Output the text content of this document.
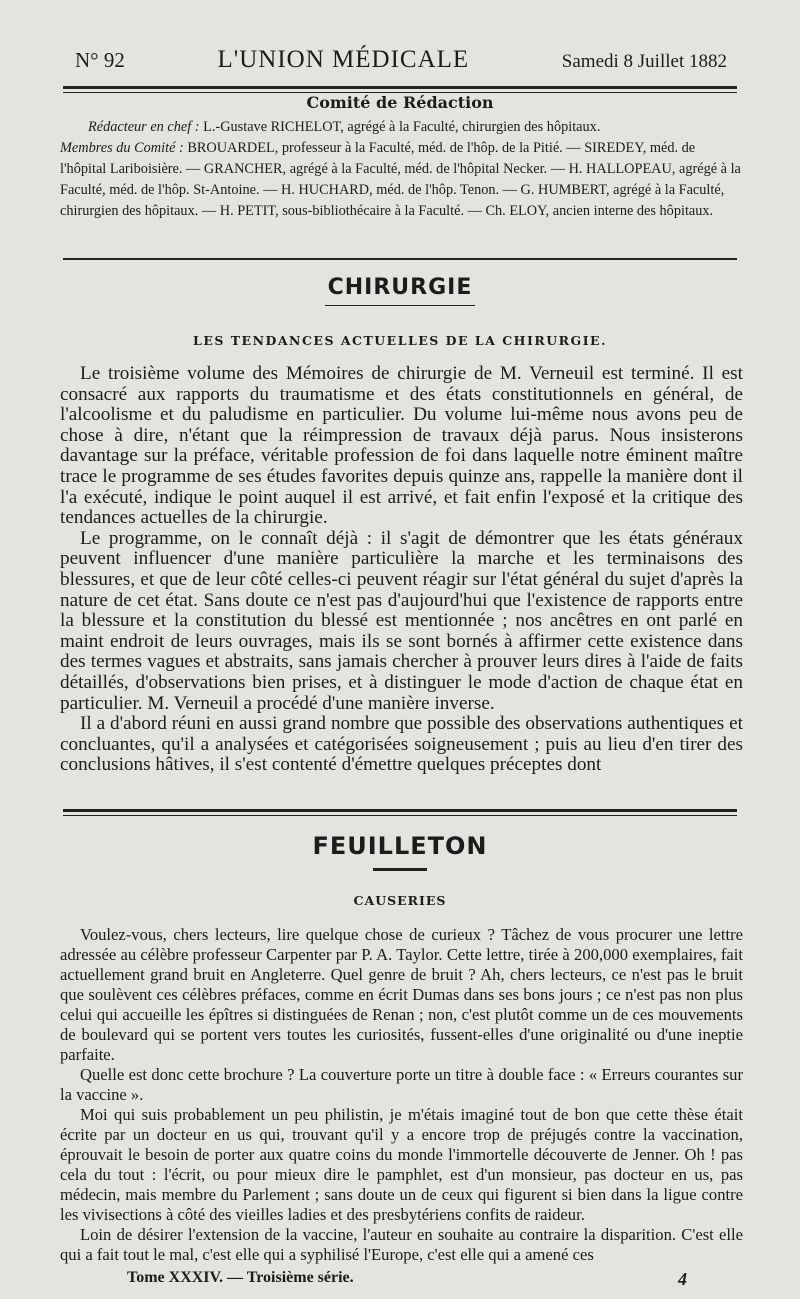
N° 92	L'UNION MÉDICALE	Samedi 8 Juillet 1882
Comité de Rédaction
Rédacteur en chef : L.-Gustave RICHELOT, agrégé à la Faculté, chirurgien des hôpitaux.
Membres du Comité : BROUARDEL, professeur à la Faculté, méd. de l'hôp. de la Pitié. — SIREDEY, méd. de l'hôpital Lariboisière. — GRANCHER, agrégé à la Faculté, méd. de l'hôpital Necker. — H. HALLOPEAU, agrégé à la Faculté, méd. de l'hôp. St-Antoine. — H. HUCHARD, méd. de l'hôp. Tenon. — G. HUMBERT, agrégé à la Faculté, chirurgien des hôpitaux. — H. PETIT, sous-bibliothécaire à la Faculté. — Ch. ELOY, ancien interne des hôpitaux.
CHIRURGIE
LES TENDANCES ACTUELLES DE LA CHIRURGIE.

Le troisième volume des Mémoires de chirurgie de M. Verneuil est terminé. Il est consacré aux rapports du traumatisme et des états constitutionnels en général, de l'alcoolisme et du paludisme en particulier. Du volume lui-même nous avons peu de chose à dire, n'étant que la réimpression de travaux déjà parus. Nous insisterons davantage sur la préface, véritable profession de foi dans laquelle notre éminent maître trace le programme de ses études favorites depuis quinze ans, rappelle la manière dont il l'a exécuté, indique le point auquel il est arrivé, et fait enfin l'exposé et la critique des tendances actuelles de la chirurgie.

Le programme, on le connaît déjà : il s'agit de démontrer que les états généraux peuvent influencer d'une manière particulière la marche et les terminaisons des blessures, et que de leur côté celles-ci peuvent réagir sur l'état général du sujet d'après la nature de cet état. Sans doute ce n'est pas d'aujourd'hui que l'existence de rapports entre la blessure et la constitution du blessé est mentionnée ; nos ancêtres en ont parlé en maint endroit de leurs ouvrages, mais ils se sont bornés à affirmer cette existence dans des termes vagues et abstraits, sans jamais chercher à prouver leurs dires à l'aide de faits détaillés, d'observations bien prises, et à distinguer le mode d'action de chaque état en particulier. M. Verneuil a procédé d'une manière inverse.

Il a d'abord réuni en aussi grand nombre que possible des observations authentiques et concluantes, qu'il a analysées et catégorisées soigneusement ; puis au lieu d'en tirer des conclusions hâtives, il s'est contenté d'émettre quelques préceptes dont

FEUILLETON
CAUSERIES

Voulez-vous, chers lecteurs, lire quelque chose de curieux ? Tâchez de vous procurer une lettre adressée au célèbre professeur Carpenter par P. A. Taylor. Cette lettre, tirée à 200,000 exemplaires, fait actuellement grand bruit en Angleterre. Quel genre de bruit ? Ah, chers lecteurs, ce n'est pas le bruit que soulèvent ces célèbres préfaces, comme en écrit Dumas dans ses bons jours ; ce n'est pas non plus celui qui accueille les épîtres si distinguées de Renan ; non, c'est plutôt comme un de ces mouvements de boulevard qui se portent vers toutes les curiosités, fussent-elles d'une originalité ou d'une ineptie parfaite.

Quelle est donc cette brochure ? La couverture porte un titre à double face : « Erreurs courantes sur la vaccine ».

Moi qui suis probablement un peu philistin, je m'étais imaginé tout de bon que cette thèse était écrite par un docteur en us qui, trouvant qu'il y a encore trop de préjugés contre la vaccination, éprouvait le besoin de porter aux quatre coins du monde l'immortelle découverte de Jenner. Oh ! pas cela du tout : l'écrit, ou pour mieux dire le pamphlet, est d'un monsieur, pas docteur en us, pas médecin, mais membre du Parlement ; sans doute un de ceux qui figurent si bien dans la ligue contre les vivisections à côté des vieilles ladies et des presbytériens confits de raideur.

Loin de désirer l'extension de la vaccine, l'auteur en souhaite au contraire la disparition. C'est elle qui a fait tout le mal, c'est elle qui a syphilisé l'Europe, c'est elle qui a amené ces

Tome XXXIV. — Troisième série.	4
